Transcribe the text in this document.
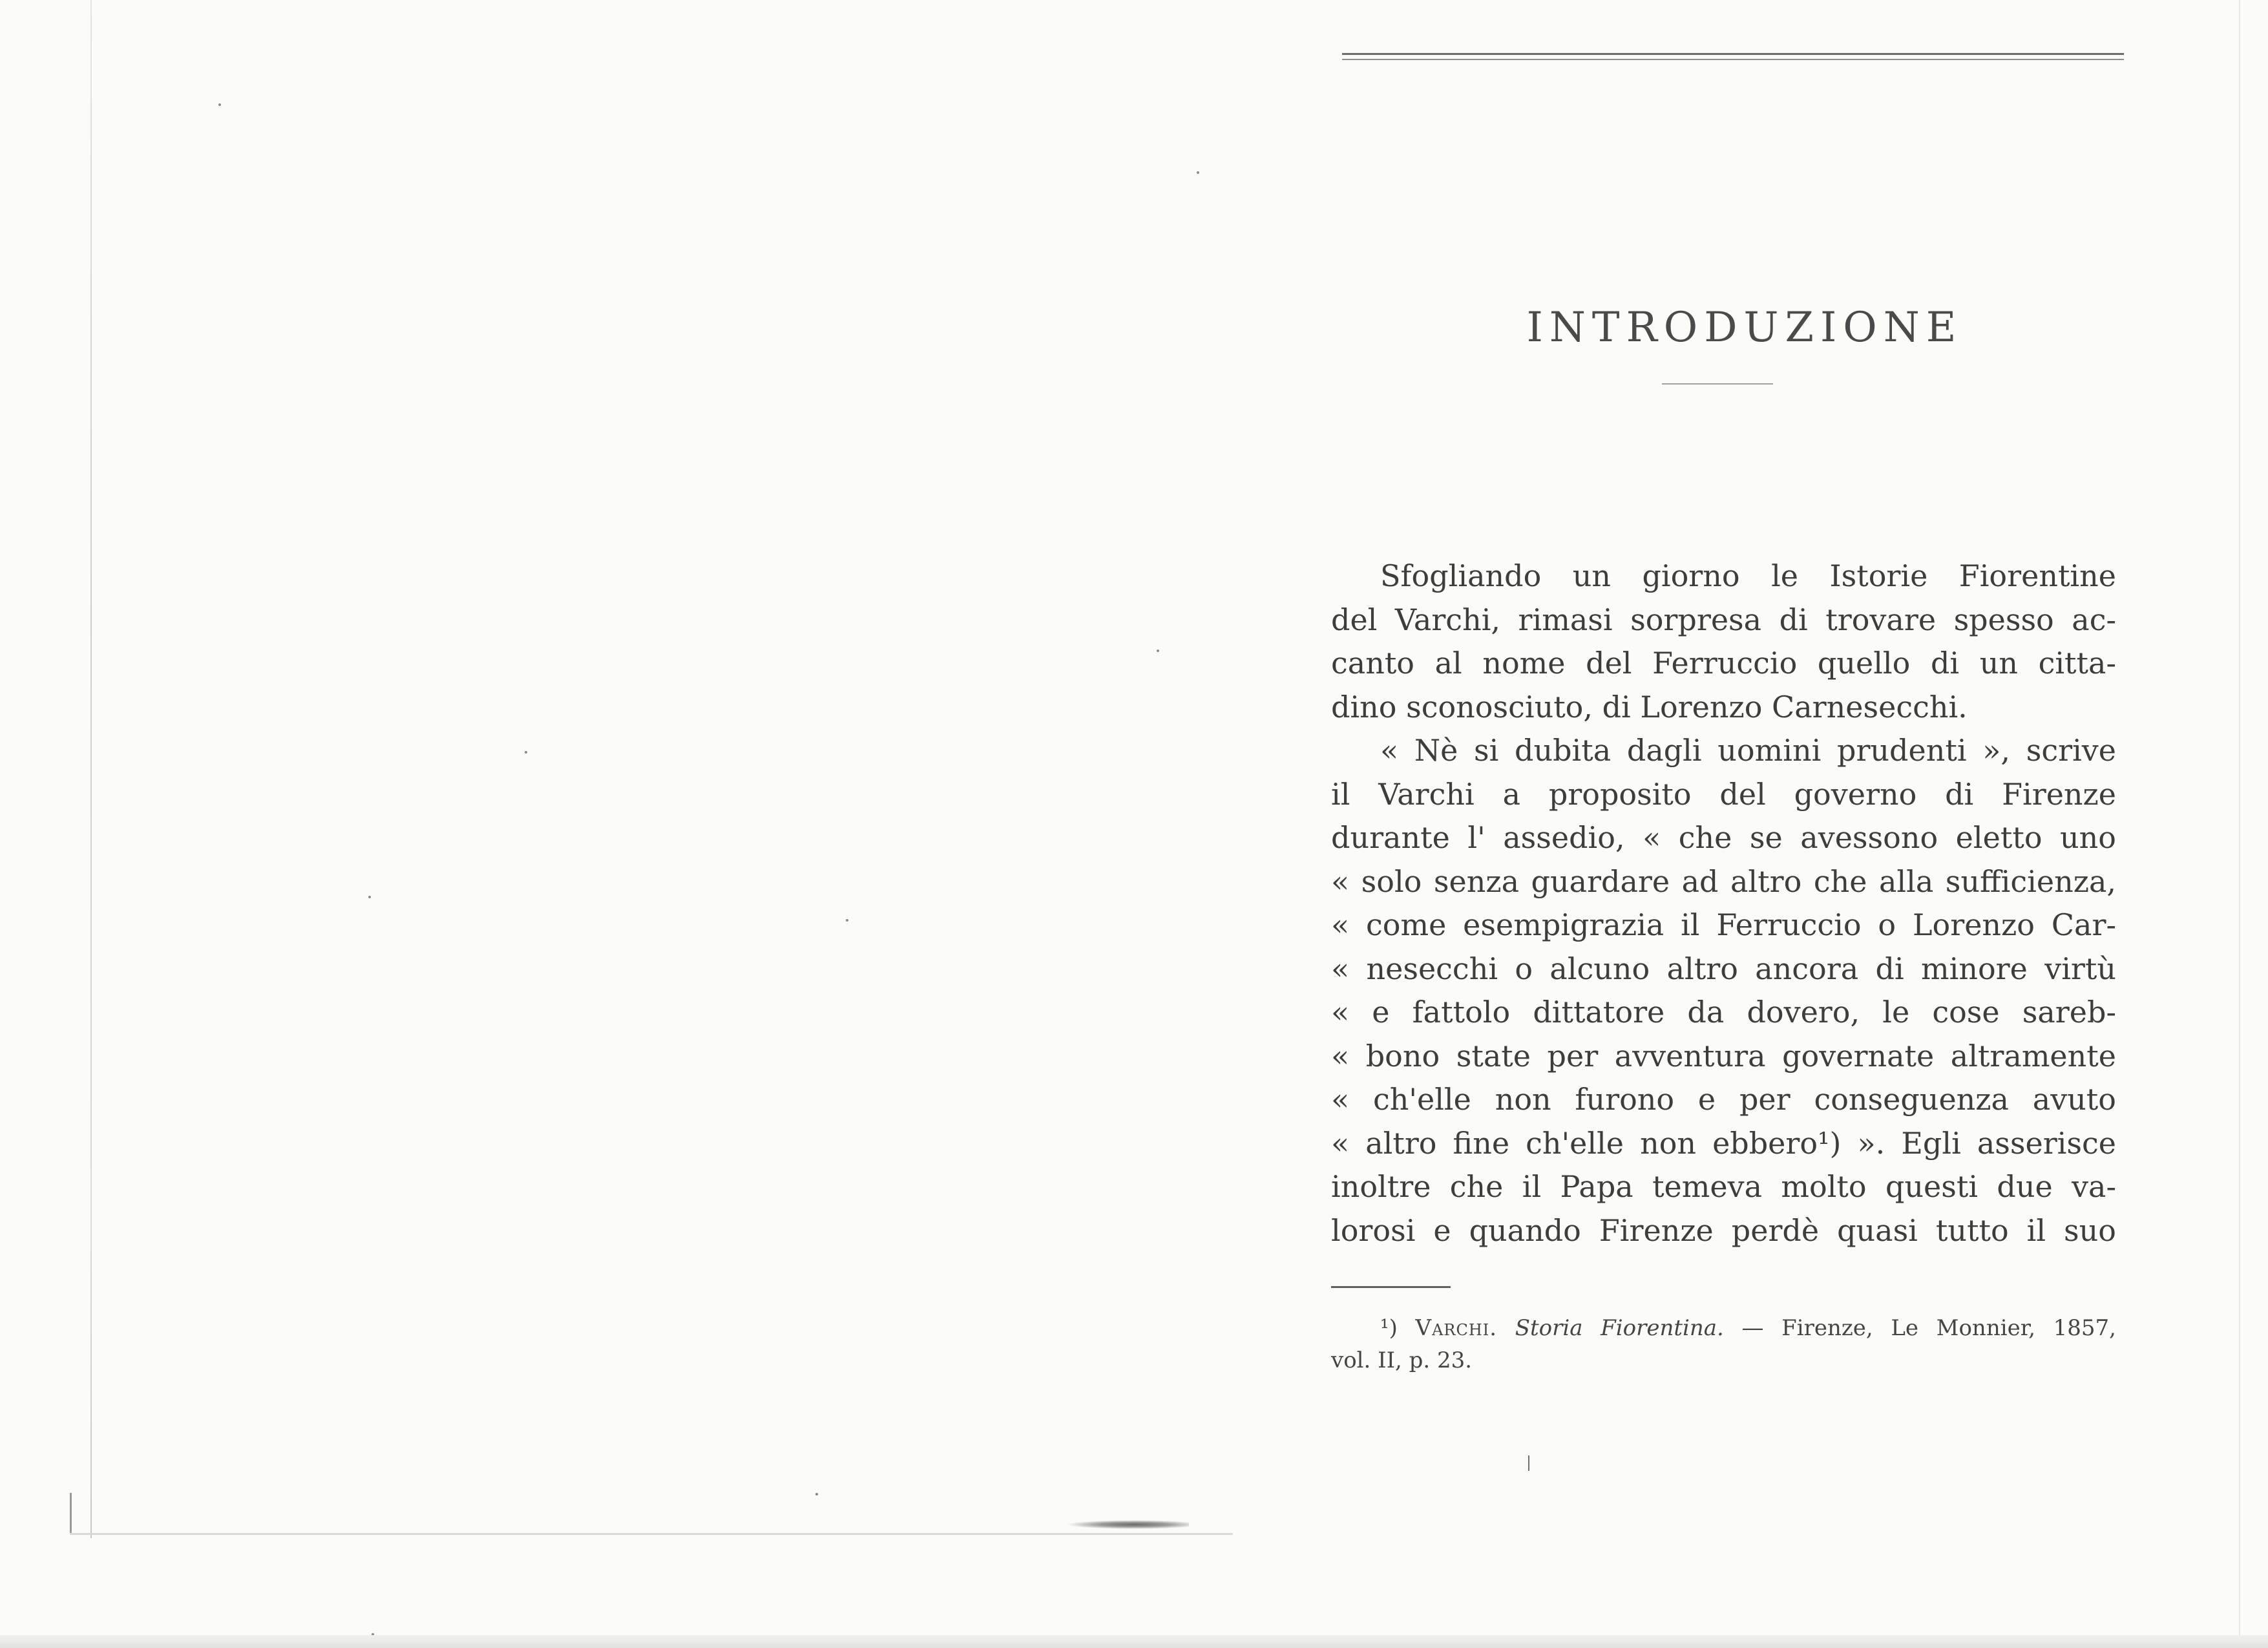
INTRODUZIONE

Sfogliando un giorno le Istorie Fiorentine
del Varchi, rimasi sorpresa di trovare spesso ac-
canto al nome del Ferruccio quello di un citta-
dino sconosciuto, di Lorenzo Carnesecchi.

« Nè si dubita dagli uomini prudenti », scrive
il Varchi a proposito del governo di Firenze
durante l' assedio, « che se avessono eletto uno
« solo senza guardare ad altro che alla sufficienza,
« come esempigrazia il Ferruccio o Lorenzo Car-
« nesecchi o alcuno altro ancora di minore virtù
« e fattolo dittatore da dovero, le cose sareb-
« bono state per avventura governate altramente
« ch'elle non furono e per conseguenza avuto
« altro fine ch'elle non ebbero¹) ». Egli asserisce
inoltre che il Papa temeva molto questi due va-
lorosi e quando Firenze perdè quasi tutto il suo

¹) Varchi. Storia Fiorentina. — Firenze, Le Monnier, 1857,
vol. II, p. 23.
